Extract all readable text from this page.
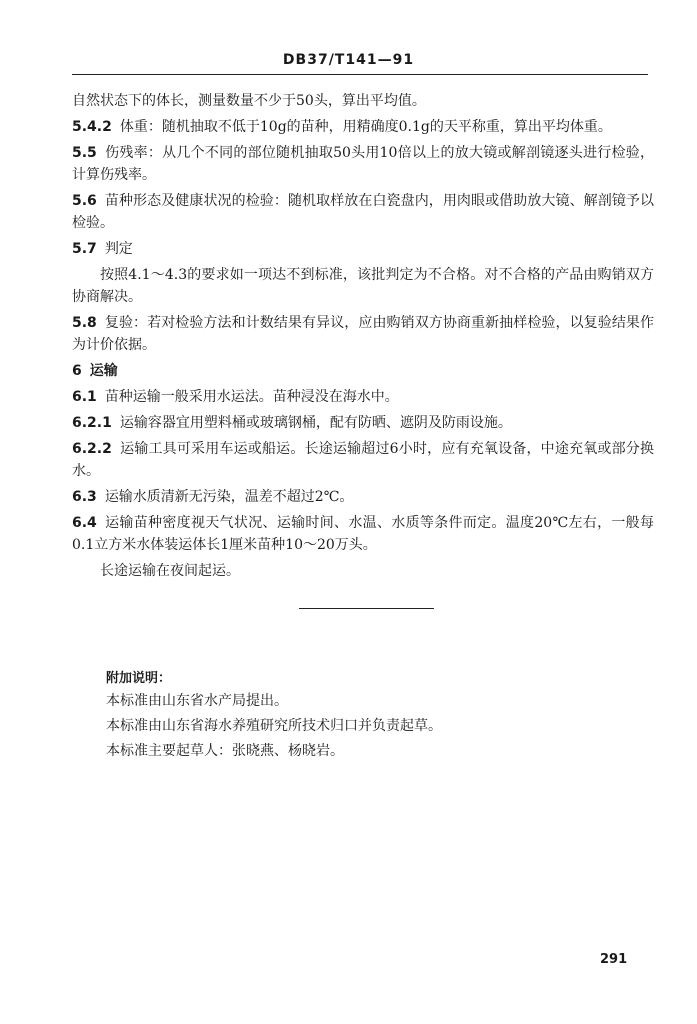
DB37/T141—91

自然状态下的体长，测量数量不少于50头，算出平均值。

5.4.2 体重：随机抽取不低于10g的苗种，用精确度0.1g的天平称重，算出平均体重。

5.5 伤残率：从几个不同的部位随机抽取50头用10倍以上的放大镜或解剖镜逐头进行检验，计算伤残率。

5.6 苗种形态及健康状况的检验：随机取样放在白瓷盘内，用肉眼或借助放大镜、解剖镜予以检验。

5.7 判定

按照4.1～4.3的要求如一项达不到标准，该批判定为不合格。对不合格的产品由购销双方协商解决。

5.8 复验：若对检验方法和计数结果有异议，应由购销双方协商重新抽样检验，以复验结果作为计价依据。

6 运输

6.1 苗种运输一般采用水运法。苗种浸没在海水中。

6.2.1 运输容器宜用塑料桶或玻璃钢桶，配有防晒、遮阴及防雨设施。

6.2.2 运输工具可采用车运或船运。长途运输超过6小时，应有充氧设备，中途充氧或部分换水。

6.3 运输水质清新无污染，温差不超过2℃。

6.4 运输苗种密度视天气状况、运输时间、水温、水质等条件而定。温度20℃左右，一般每0.1立方米水体装运体长1厘米苗种10～20万头。

长途运输在夜间起运。

附加说明：

本标准由山东省水产局提出。

本标准由山东省海水养殖研究所技术归口并负责起草。

本标准主要起草人：张晓燕、杨晓岩。

291
